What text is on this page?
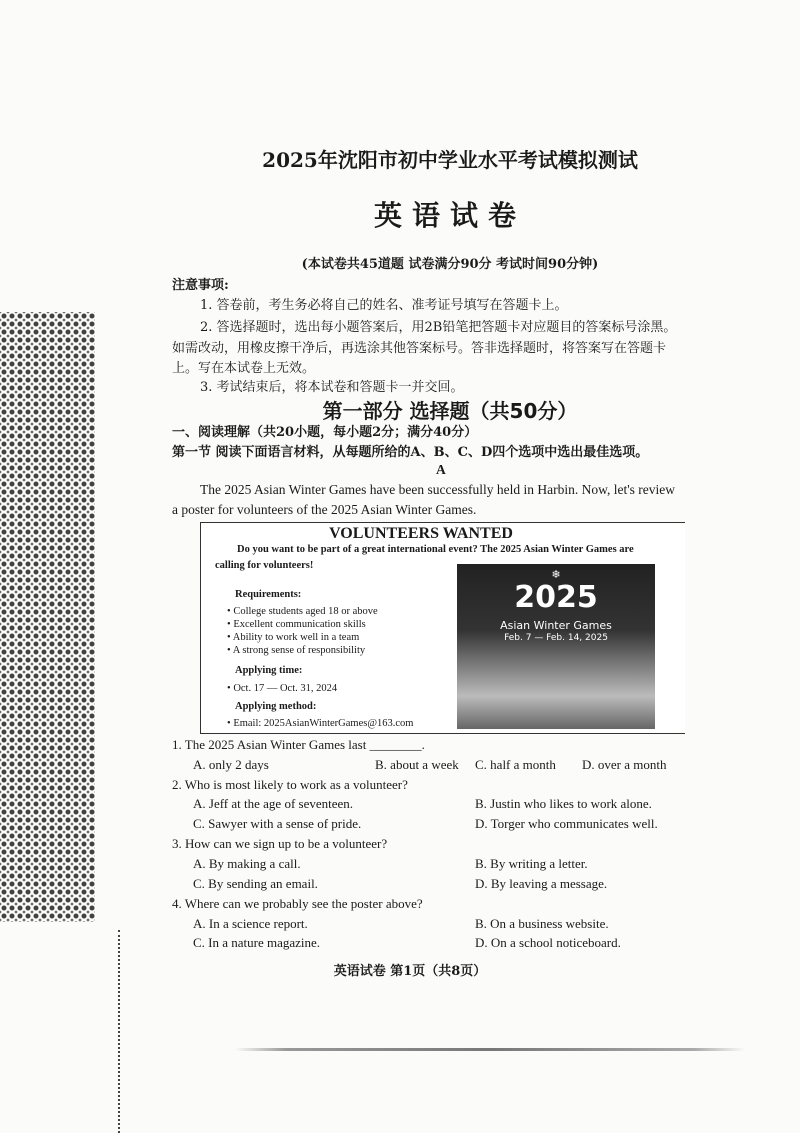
2025年沈阳市初中学业水平考试模拟测试
英语试卷
(本试卷共45道题 试卷满分90分 考试时间90分钟)
注意事项:
1. 答卷前，考生务必将自己的姓名、准考证号填写在答题卡上。
2. 答选择题时，选出每小题答案后，用2B铅笔把答题卡对应题目的答案标号涂黑。
如需改动，用橡皮擦干净后，再选涂其他答案标号。答非选择题时，将答案写在答题卡
上。写在本试卷上无效。
3. 考试结束后，将本试卷和答题卡一并交回。
第一部分 选择题（共50分）
一、阅读理解（共20小题，每小题2分；满分40分）
第一节 阅读下面语言材料，从每题所给的A、B、C、D四个选项中选出最佳选项。
A
The 2025 Asian Winter Games have been successfully held in Harbin. Now, let's review
a poster for volunteers of the 2025 Asian Winter Games.
VOLUNTEERS WANTED
Do you want to be part of a great international event? The 2025 Asian Winter Games are
calling for volunteers!
Requirements:
• College students aged 18 or above
• Excellent communication skills
• Ability to work well in a team
• A strong sense of responsibility
Applying time:
• Oct. 17 — Oct. 31, 2024
Applying method:
• Email: 2025AsianWinterGames@163.com
❄
2025
Asian Winter Games
Feb. 7 — Feb. 14, 2025
1. The 2025 Asian Winter Games last ________.
A. only 2 days	B. about a week C. half a month D. over a month
2. Who is most likely to work as a volunteer?
A. Jeff at the age of seventeen.	B. Justin who likes to work alone.
C. Sawyer with a sense of pride.	D. Torger who communicates well.
3. How can we sign up to be a volunteer?
A. By making a call.	B. By writing a letter.
C. By sending an email.	D. By leaving a message.
4. Where can we probably see the poster above?
A. In a science report.	B. On a business website.
C. In a nature magazine.	D. On a school noticeboard.
英语试卷 第1页（共8页）
